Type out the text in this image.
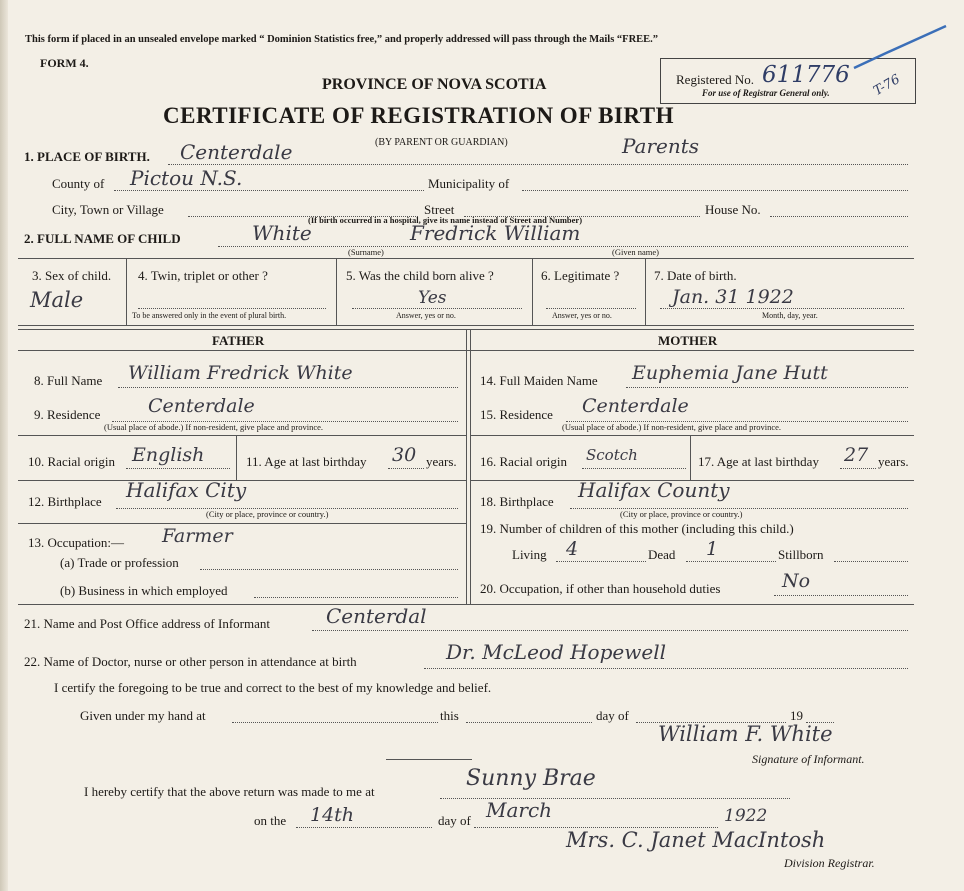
This form if placed in an unsealed envelope marked “ Dominion Statistics free,” and properly addressed will pass through the Mails “FREE.”
FORM 4.
PROVINCE OF NOVA SCOTIA
CERTIFICATE OF REGISTRATION OF BIRTH
(BY PARENT OR GUARDIAN)
Registered No. 611776
For use of Registrar General only.	T-76
1. PLACE OF BIRTH. Centerdale	Parents
County of Pictou N.S.	Municipality of
City, Town or Village	Street	House No.
(If birth occurred in a hospital, give its name instead of Street and Number)
2. FULL NAME OF CHILD	White	Fredrick William
(Surname)	(Given name)
3. Sex of child.
Male
4. Twin, triplet or other ?
To be answered only in the event of plural birth.
5. Was the child born alive ?
Yes
Answer, yes or no.
6. Legitimate ?
Answer, yes or no.
7. Date of birth.
Jan. 31 1922
Month, day, year.
FATHER	MOTHER
8. Full Name William Fredrick White
9. Residence	Centerdale
(Usual place of abode.) If non-resident, give place and province.
10. Racial origin English	11. Age at last birthday 30 years.
12. Birthplace Halifax City
(City or place, province or country.)
13. Occupation:— Farmer
(a) Trade or profession
(b) Business in which employed
14. Full Maiden Name Euphemia Jane Hutt
15. Residence Centerdale
(Usual place of abode.) If non-resident, give place and province.
16. Racial origin Scotch	17. Age at last birthday 27 years.
18. Birthplace Halifax County
(City or place, province or country.)
19. Number of children of this mother (including this child.)
Living 4	Dead 1	Stillborn
20. Occupation, if other than household duties	No
21. Name and Post Office address of Informant	Centerdal
22. Name of Doctor, nurse or other person in attendance at birth	Dr. McLeod Hopewell
I certify the foregoing to be true and correct to the best of my knowledge and belief.
Given under my hand at	this	day of	19
William F. White
Signature of Informant.
I hereby certify that the above return was made to me at
Sunny Brae
on the 14th	day of March	1922
Mrs. C. Janet MacIntosh
Division Registrar.
